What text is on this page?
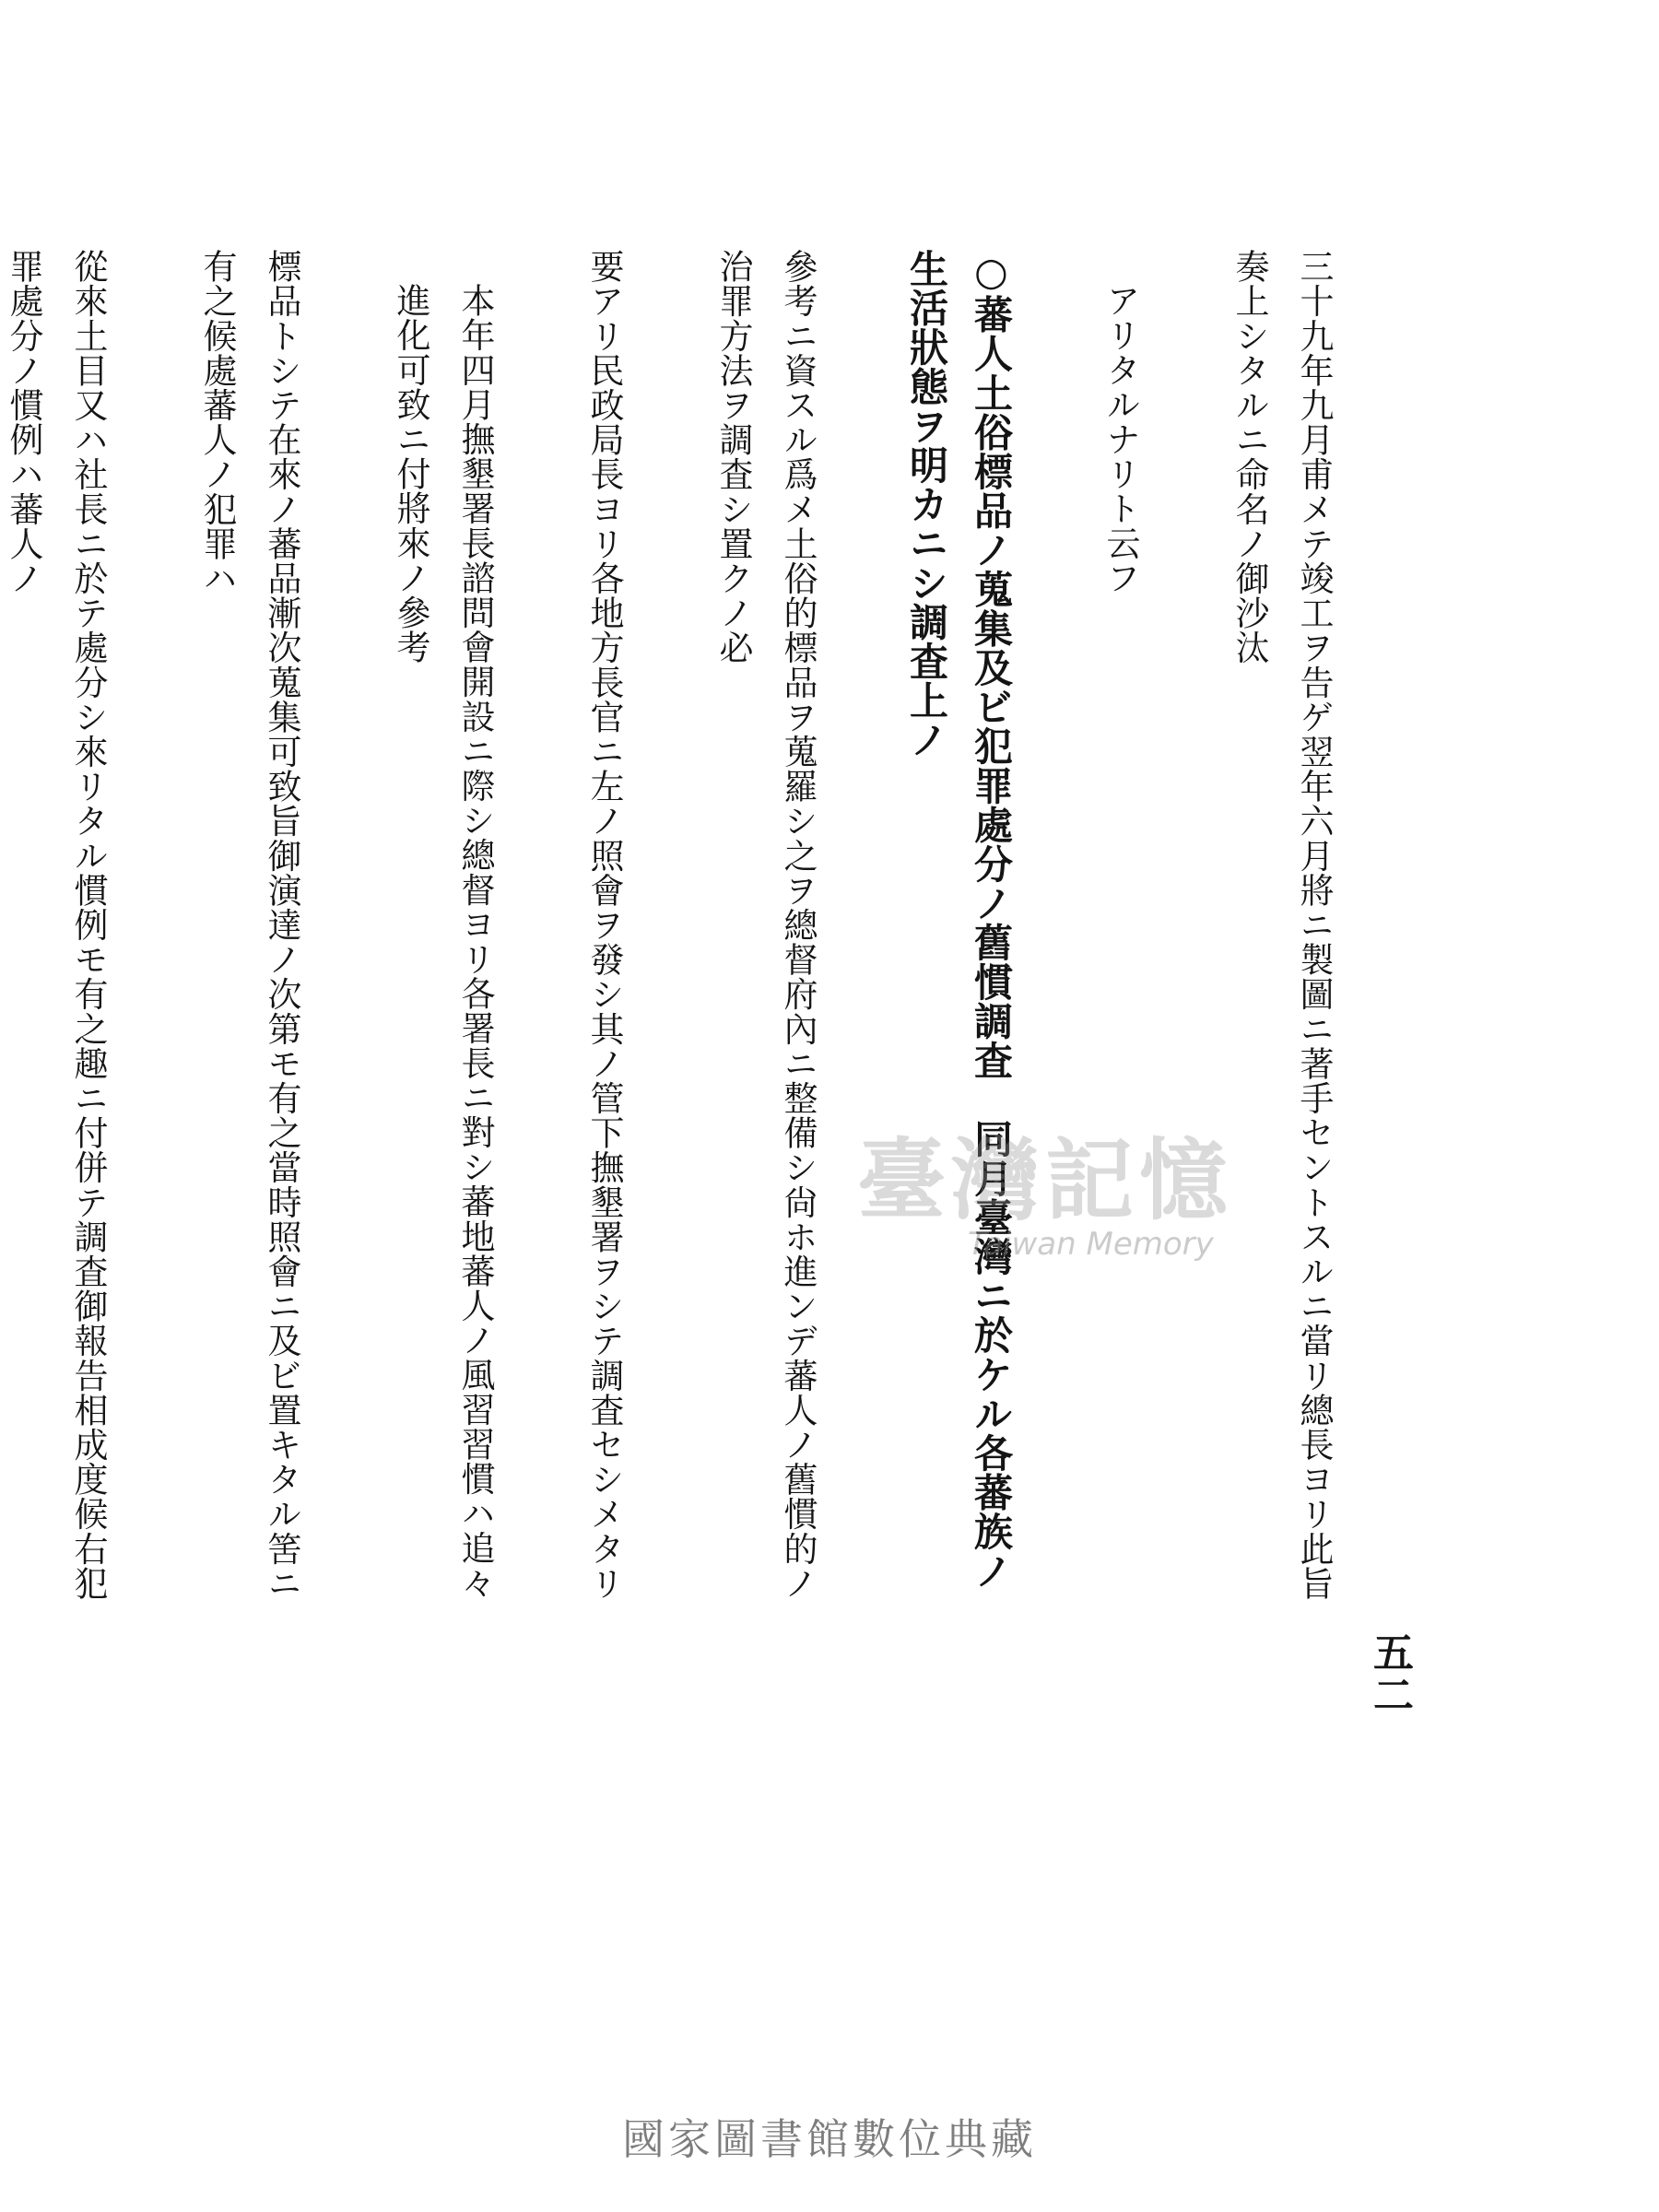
五二

三十九年九月甫メテ竣工ヲ告ゲ翌年六月將ニ製圖ニ著手セントスルニ當リ總長ヨリ此旨奏上シタルニ命名ノ御沙汰

アリタルナリト云フ

○蕃人土俗標品ノ蒐集及ビ犯罪處分ノ舊慣調査　同月臺灣ニ於ケル各蕃族ノ生活狀態ヲ明カニシ調査上ノ

參考ニ資スル爲メ土俗的標品ヲ蒐羅シ之ヲ總督府內ニ整備シ尙ホ進ンデ蕃人ノ舊慣的ノ治罪方法ヲ調査シ置クノ必

要アリ民政局長ヨリ各地方長官ニ左ノ照會ヲ發シ其ノ管下撫墾署ヲシテ調査セシメタリ

本年四月撫墾署長諮問會開設ニ際シ總督ヨリ各署長ニ對シ蕃地蕃人ノ風習習慣ハ追々進化可致ニ付將來ノ參考

標品トシテ在來ノ蕃品漸次蒐集可致旨御演達ノ次第モ有之當時照會ニ及ビ置キタル筈ニ有之候處蕃人ノ犯罪ハ

從來土目又ハ社長ニ於テ處分シ來リタル慣例モ有之趣ニ付併テ調査御報告相成度候右犯罪處分ノ慣例ハ蕃人ノ

臺灣記憶
Taiwan Memory
國家圖書館數位典藏
